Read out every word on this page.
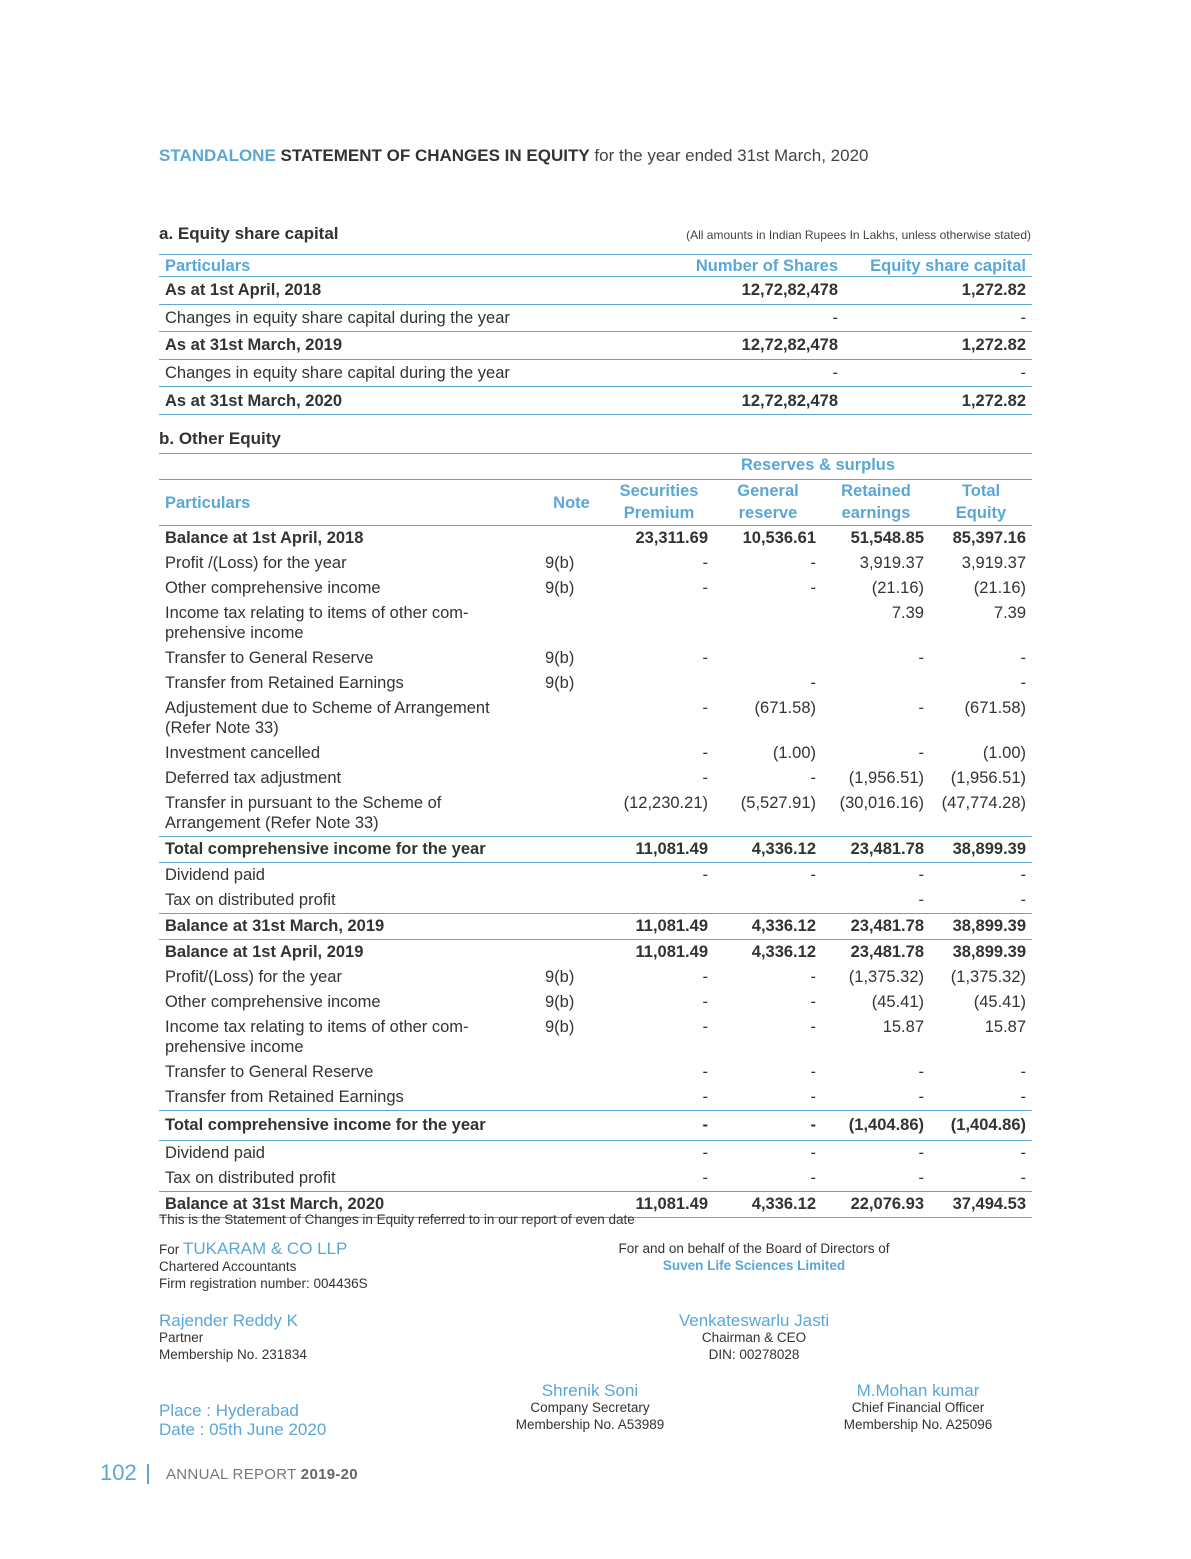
STANDALONE STATEMENT OF CHANGES IN EQUITY for the year ended 31st March, 2020
a. Equity share capital	(All amounts in Indian Rupees In Lakhs, unless otherwise stated)
Particulars	Number of Shares	Equity share capital
As at 1st April, 2018	12,72,82,478	1,272.82
Changes in equity share capital during the year	-	-
As at 31st March, 2019	12,72,82,478	1,272.82
Changes in equity share capital during the year	-	-
As at 31st March, 2020	12,72,82,478	1,272.82
b. Other Equity
		Reserves & surplus			
Particulars	Note	Securities Premium	General reserve	Retained earnings	Total Equity
Balance at 1st April, 2018		23,311.69	10,536.61	51,548.85	85,397.16
Profit /(Loss) for the year	9(b)	-	-	3,919.37	3,919.37
Other comprehensive income	9(b)	-	-	(21.16)	(21.16)
Income tax relating to items of other com-prehensive income				7.39	7.39
Transfer to General Reserve	9(b)	-		-	-
Transfer from Retained Earnings	9(b)		-		-
Adjustement due to Scheme of Arrangement (Refer Note 33)		-	(671.58)	-	(671.58)
Investment cancelled		-	(1.00)	-	(1.00)
Deferred tax adjustment		-	-	(1,956.51)	(1,956.51)
Transfer in pursuant to the Scheme of Arrangement (Refer Note 33)		(12,230.21)	(5,527.91)	(30,016.16)	(47,774.28)
Total comprehensive income for the year		11,081.49	4,336.12	23,481.78	38,899.39
Dividend paid		-	-	-	-
Tax on distributed profit				-	-
Balance at 31st March, 2019		11,081.49	4,336.12	23,481.78	38,899.39
Balance at 1st April, 2019		11,081.49	4,336.12	23,481.78	38,899.39
Profit/(Loss) for the year	9(b)	-	-	(1,375.32)	(1,375.32)
Other comprehensive income	9(b)	-	-	(45.41)	(45.41)
Income tax relating to items of other com-prehensive income	9(b)	-	-	15.87	15.87
Transfer to General Reserve		-	-	-	-
Transfer from Retained Earnings		-	-	-	-
Total comprehensive income for the year		-	-	(1,404.86)	(1,404.86)
Dividend paid		-	-	-	-
Tax on distributed profit		-	-	-	-
Balance at 31st March, 2020		11,081.49	4,336.12	22,076.93	37,494.53
This is the Statement of Changes in Equity referred to in our report of even date
For TUKARAM & CO LLP
Chartered Accountants
Firm registration number: 004436S
For and on behalf of the Board of Directors of
Suven Life Sciences Limited
Rajender Reddy K
Partner
Membership No. 231834
Venkateswarlu Jasti
Chairman & CEO
DIN: 00278028
Place : Hyderabad
Date : 05th June 2020
Shrenik Soni
Company Secretary
Membership No. A53989
M.Mohan kumar
Chief Financial Officer
Membership No. A25096
102 ANNUAL REPORT 2019-20
